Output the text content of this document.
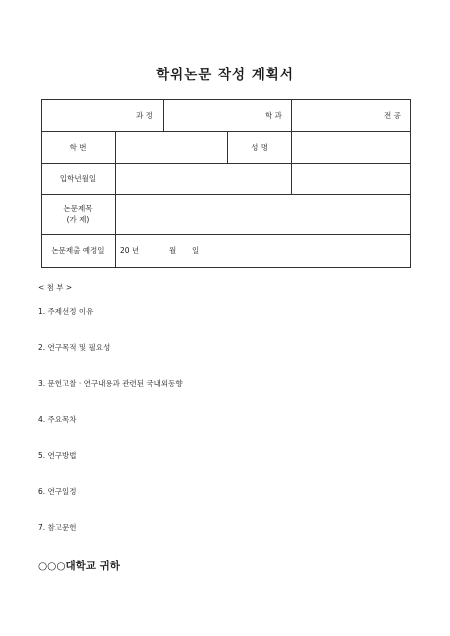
학위논문 작성 계획서
과 정	학 과	전 공
학 번	성 명
입학년월일
논문제목
(가 제)
논문제출 예정일	20 년	월 일
< 첨 부 >
1. 주제선정 이유
2. 연구목적 및 필요성
3. 문헌고찰 · 연구내용과 관련된 국내외동향
4. 주요목차
5. 연구방법
6. 연구일정
7. 참고문헌
○○○대학교 귀하
